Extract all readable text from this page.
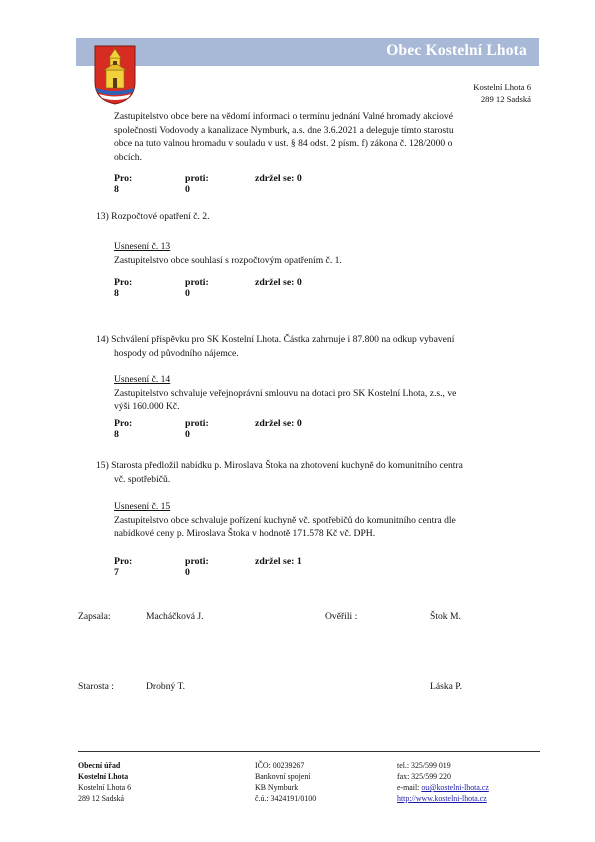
Obec Kostelní Lhota
Kostelní Lhota 6
289 12 Sadská
Zastupitelstvo obce bere na vědomí informaci o termínu jednání Valné hromady akciové
společnosti Vodovody a kanalizace Nymburk, a.s. dne 3.6.2021 a deleguje tímto starostu
obce na tuto valnou hromadu v souladu v ust. § 84 odst. 2 písm. f) zákona č. 128/2000 o
obcích.
Pro: 8
proti: 0
zdržel se: 0
13) Rozpočtové opatření č. 2.
Usnesení č. 13
Zastupitelstvo obce souhlasí s rozpočtovým opatřením č. 1.
Pro: 8
proti: 0
zdržel se: 0
14) Schválení příspěvku pro SK Kostelní Lhota. Částka zahrnuje i 87.800 na odkup vybavení
hospody od původního nájemce.
Usnesení č. 14
Zastupitelstvo schvaluje veřejnoprávní smlouvu na dotaci pro SK Kostelní Lhota, z.s., ve
výši 160.000 Kč.
Pro: 8
proti: 0
zdržel se: 0
15) Starosta předložil nabídku p. Miroslava Štoka na zhotovení kuchyně do komunitního centra
vč. spotřebičů.
Usnesení č. 15
Zastupitelstvo obce schvaluje pořízení kuchyně vč. spotřebičů do komunitního centra dle
nabídkové ceny p. Miroslava Štoka v hodnotě 171.578 Kč vč. DPH.
Pro: 7
proti: 0
zdržel se: 1
Zapsala:	Macháčková J.	Ověřili :	Štok M.
Starosta :	Drobný T.	Láska P.
Obecní úřad
Kostelní Lhota
Kostelní Lhota 6
289 12 Sadská
IČO: 00239267
Bankovní spojení
KB Nymburk
č.ú.: 3424191/0100
tel.: 325/599 019
fax: 325/599 220
e-mail: ou@kostelni-lhota.cz
http://www.kostelni-lhota.cz
